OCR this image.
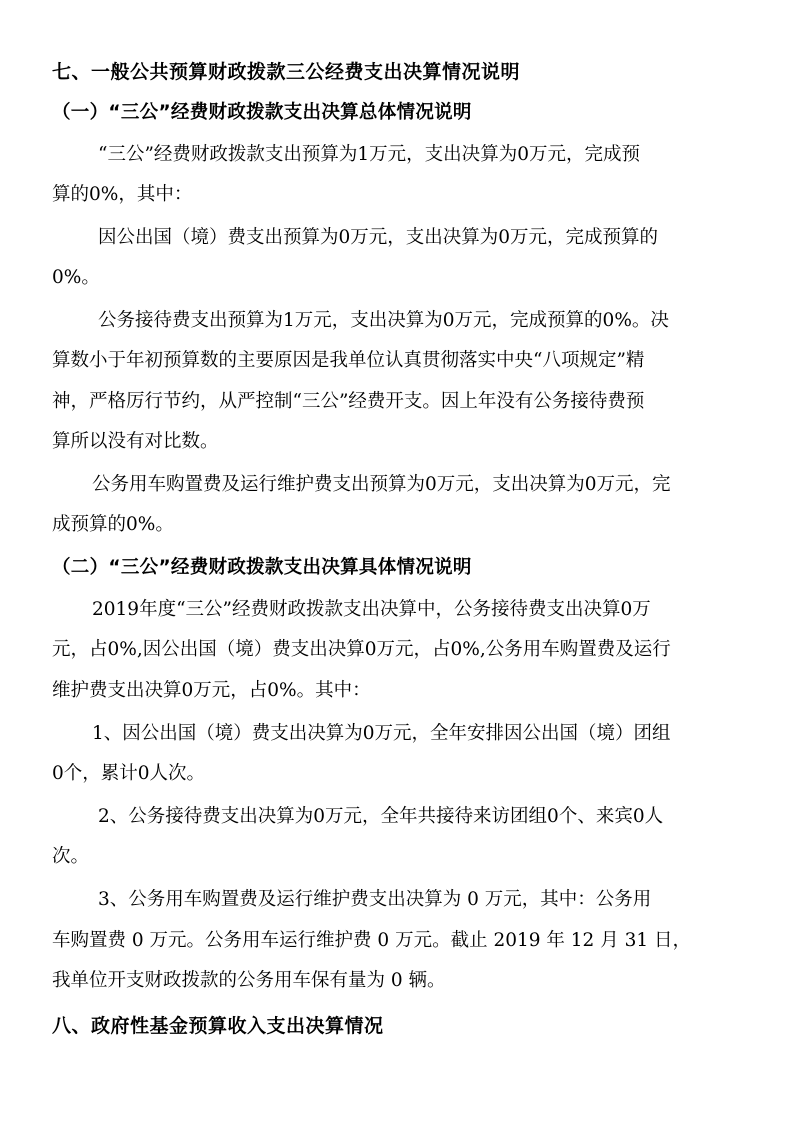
七、一般公共预算财政拨款三公经费支出决算情况说明

（一）“三公”经费财政拨款支出决算总体情况说明

“三公”经费财政拨款支出预算为1万元，支出决算为0万元，完成预

算的0%，其中：

因公出国（境）费支出预算为0万元，支出决算为0万元，完成预算的

0%。

公务接待费支出预算为1万元，支出决算为0万元，完成预算的0%。决

算数小于年初预算数的主要原因是我单位认真贯彻落实中央“八项规定”精

神，严格厉行节约，从严控制“三公”经费开支。因上年没有公务接待费预

算所以没有对比数。

公务用车购置费及运行维护费支出预算为0万元，支出决算为0万元，完

成预算的0%。

（二）“三公”经费财政拨款支出决算具体情况说明

2019年度“三公”经费财政拨款支出决算中，公务接待费支出决算0万

元，占0%,因公出国（境）费支出决算0万元，占0%,公务用车购置费及运行

维护费支出决算0万元，占0%。其中：

1、因公出国（境）费支出决算为0万元，全年安排因公出国（境）团组

0个，累计0人次。

2、公务接待费支出决算为0万元，全年共接待来访团组0个、来宾0人

次。

3、公务用车购置费及运行维护费支出决算为 0 万元，其中：公务用

车购置费 0 万元。公务用车运行维护费 0 万元。截止 2019 年 12 月 31 日，

我单位开支财政拨款的公务用车保有量为 0 辆。

八、政府性基金预算收入支出决算情况
